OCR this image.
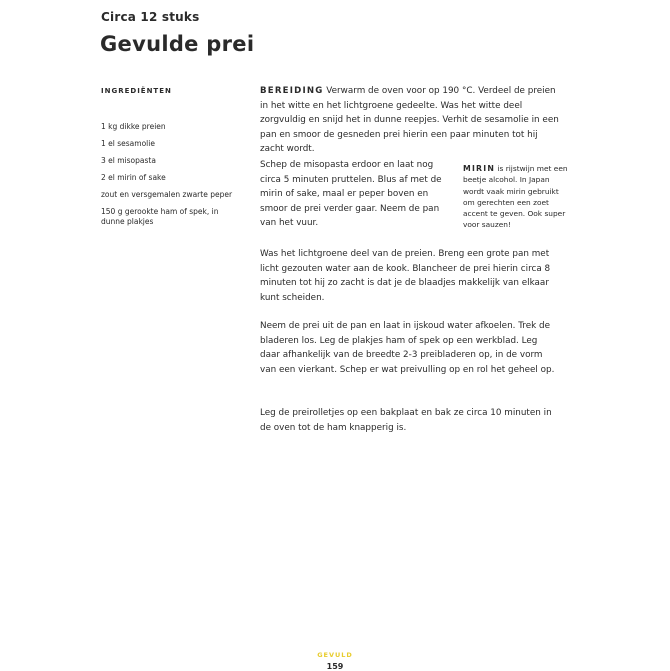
Circa 12 stuks
Gevulde prei
INGREDIËNTEN
1 kg dikke preien
1 el sesamolie
3 el misopasta
2 el mirin of sake
zout en versgemalen zwarte peper
150 g gerookte ham of spek, in dunne plakjes

BEREIDING Verwarm de oven voor op 190 °C. Verdeel de preien in het witte en het lichtgroene gedeelte. Was het witte deel zorgvuldig en snijd het in dunne reepjes. Verhit de sesamolie in een pan en smoor de gesneden prei hierin een paar minuten tot hij zacht wordt.

Schep de misopasta erdoor en laat nog circa 5 minuten pruttelen. Blus af met de mirin of sake, maal er peper boven en smoor de prei verder gaar. Neem de pan van het vuur.

Was het lichtgroene deel van de preien. Breng een grote pan met licht gezouten water aan de kook. Blancheer de prei hierin circa 8 minuten tot hij zo zacht is dat je de blaadjes makkelijk van elkaar kunt scheiden.

Neem de prei uit de pan en laat in ijskoud water afkoelen. Trek de bladeren los. Leg de plakjes ham of spek op een werkblad. Leg daar afhankelijk van de breedte 2-3 preibladeren op, in de vorm van een vierkant. Schep er wat preivulling op en rol het geheel op.

Leg de preirolletjes op een bakplaat en bak ze circa 10 minuten in de oven tot de ham knapperig is.

MIRIN is rijstwijn met een beetje alcohol. In Japan wordt vaak mirin gebruikt om gerechten een zoet accent te geven. Ook super voor sauzen!

GEVULD
159
